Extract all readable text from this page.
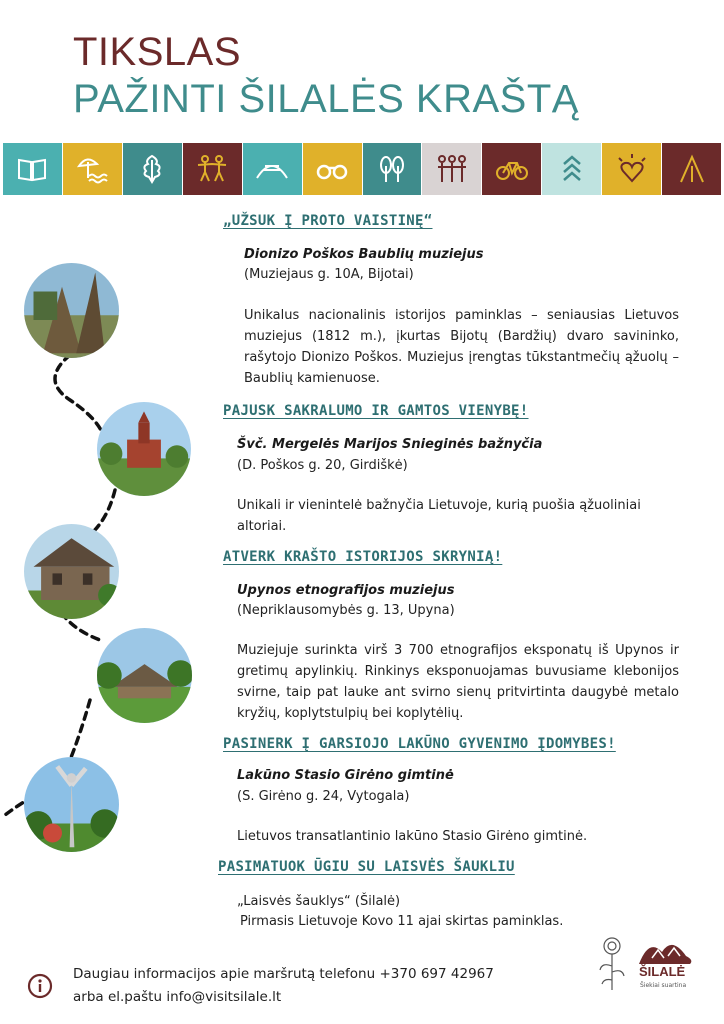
TIKSLAS
PAŽINTI ŠILALĖS KRAŠTĄ
„UŽSUK Į PROTO VAISTINĘ“
Dionizo Poškos Baublių muziejus
(Muziejaus g. 10A, Bijotai)
Unikalus nacionalinis istorijos paminklas – seniausias Lietuvos muziejus (1812 m.), įkurtas Bijotų (Bardžių) dvaro savininko, rašytojo Dionizo Poškos. Muziejus įrengtas tūkstantmečių ąžuolų – Baublių kamienuose.
PAJUSK SAKRALUMO IR GAMTOS VIENYBĘ!
Švč. Mergelės Marijos Snieginės bažnyčia
(D. Poškos g. 20, Girdiškė)
Unikali ir vienintelė bažnyčia Lietuvoje, kurią puošia ąžuoliniai altoriai.
ATVERK KRAŠTO ISTORIJOS SKRYNIĄ!
Upynos etnografijos muziejus
(Nepriklausomybės g. 13, Upyna)
Muziejuje surinkta virš 3 700 etnografijos eksponatų iš Upynos ir gretimų apylinkių. Rinkinys eksponuojamas buvusiame klebonijos svirne, taip pat lauke ant svirno sienų pritvirtinta daugybė metalo kryžių, koplytstulpių bei koplytėlių.
PASINERK Į GARSIOJO LAKŪNO GYVENIMO ĮDOMYBES!
Lakūno Stasio Girėno gimtinė
(S. Girėno g. 24, Vytogala)
Lietuvos transatlantinio lakūno Stasio Girėno gimtinė.
PASIMATUOK ŪGIU SU LAISVĖS ŠAUKLIU
„Laisvės šauklys“ (Šilalė)
Pirmasis Lietuvoje Kovo 11 ajai skirtas paminklas.
Daugiau informacijos apie maršrutą telefonu +370 697 42967
arba el.paštu info@visitsilale.lt
ŠILALĖ
Šiekiai suartina
